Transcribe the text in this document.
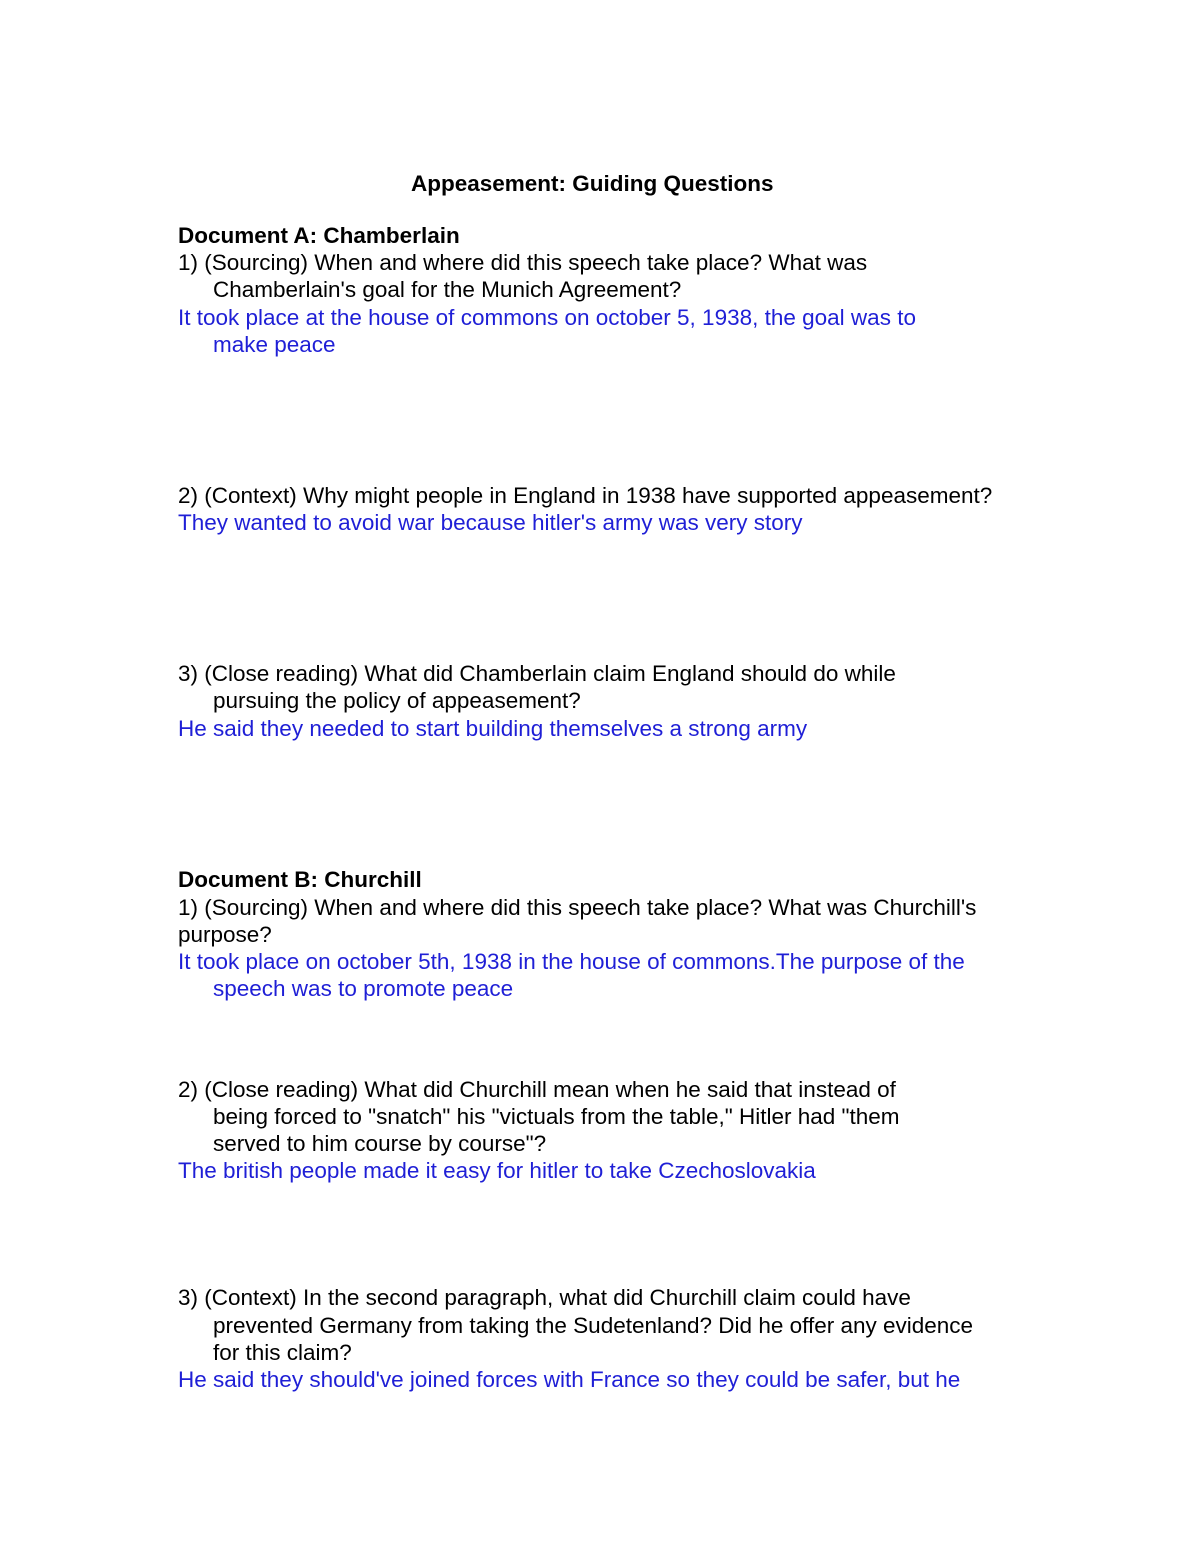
Appeasement: Guiding Questions
Document A: Chamberlain
1) (Sourcing) When and where did this speech take place? What was
Chamberlain's goal for the Munich Agreement?
It took place at the house of commons on october 5, 1938, the goal was to
make peace
2) (Context) Why might people in England in 1938 have supported appeasement?
They wanted to avoid war because hitler's army was very story
3) (Close reading) What did Chamberlain claim England should do while
pursuing the policy of appeasement?
He said they needed to start building themselves a strong army
Document B: Churchill
1) (Sourcing) When and where did this speech take place? What was Churchill's
purpose?
It took place on october 5th, 1938 in the house of commons.The purpose of the
speech was to promote peace
2) (Close reading) What did Churchill mean when he said that instead of
being forced to "snatch" his "victuals from the table," Hitler had "them
served to him course by course"?
The british people made it easy for hitler to take Czechoslovakia
3) (Context) In the second paragraph, what did Churchill claim could have
prevented Germany from taking the Sudetenland? Did he offer any evidence
for this claim?
He said they should've joined forces with France so they could be safer, but he
